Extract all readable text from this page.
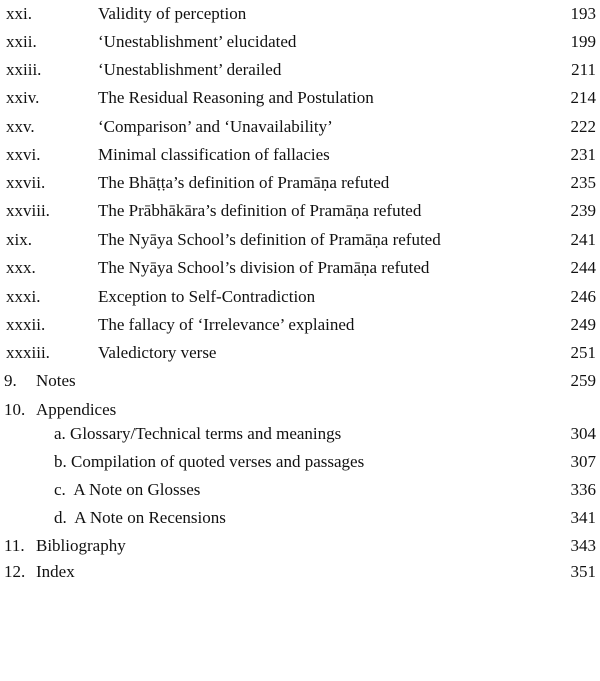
xxi.	Validity of perception	193
xxii.	‘Unestablishment’ elucidated	199
xxiii.	‘Unestablishment’ derailed	211
xxiv.	The Residual Reasoning and Postulation	214
xxv.	‘Comparison’ and ‘Unavailability’	222
xxvi.	Minimal classification of fallacies	231
xxvii.	The Bhāṭṭa’s definition of Pramāṇa refuted	235
xxviii.	The Prābhākāra’s definition of Pramāṇa refuted	239
xix.	The Nyāya School’s definition of Pramāṇa refuted	241
xxx.	The Nyāya School’s division of Pramāṇa refuted	244
xxxi.	Exception to Self-Contradiction	246
xxxii.	The fallacy of ‘Irrelevance’ explained	249
xxxiii.	Valedictory verse	251
9. Notes	259
10. Appendices
a. Glossary/Technical terms and meanings	304
b. Compilation of quoted verses and passages	307
c.  A Note on Glosses	336
d.  A Note on Recensions	341
11. Bibliography	343
12. Index	351
